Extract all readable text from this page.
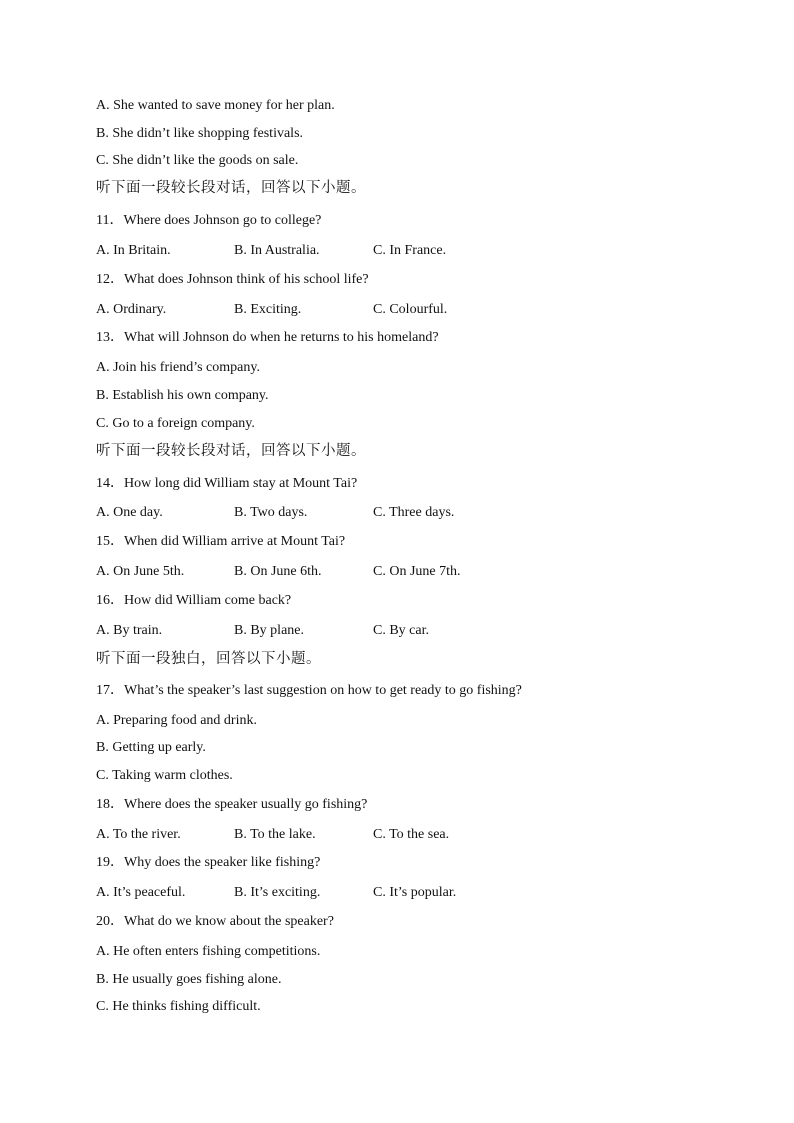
A. She wanted to save money for her plan.
B. She didn’t like shopping festivals.
C. She didn’t like the goods on sale.
听下面一段较长段对话，回答以下小题。
11．Where does Johnson go to college?
A. In Britain.	B. In Australia.	C. In France.
12．What does Johnson think of his school life?
A. Ordinary.	B. Exciting.	C. Colourful.
13．What will Johnson do when he returns to his homeland?
A. Join his friend’s company.
B. Establish his own company.
C. Go to a foreign company.
听下面一段较长段对话，回答以下小题。
14．How long did William stay at Mount Tai?
A. One day.	B. Two days.	C. Three days.
15．When did William arrive at Mount Tai?
A. On June 5th.	B. On June 6th.	C. On June 7th.
16．How did William come back?
A. By train.	B. By plane.	C. By car.
听下面一段独白，回答以下小题。
17．What’s the speaker’s last suggestion on how to get ready to go fishing?
A. Preparing food and drink.
B. Getting up early.
C. Taking warm clothes.
18．Where does the speaker usually go fishing?
A. To the river.	B. To the lake.	C. To the sea.
19．Why does the speaker like fishing?
A. It’s peaceful.	B. It’s exciting.	C. It’s popular.
20．What do we know about the speaker?
A. He often enters fishing competitions.
B. He usually goes fishing alone.
C. He thinks fishing difficult.
